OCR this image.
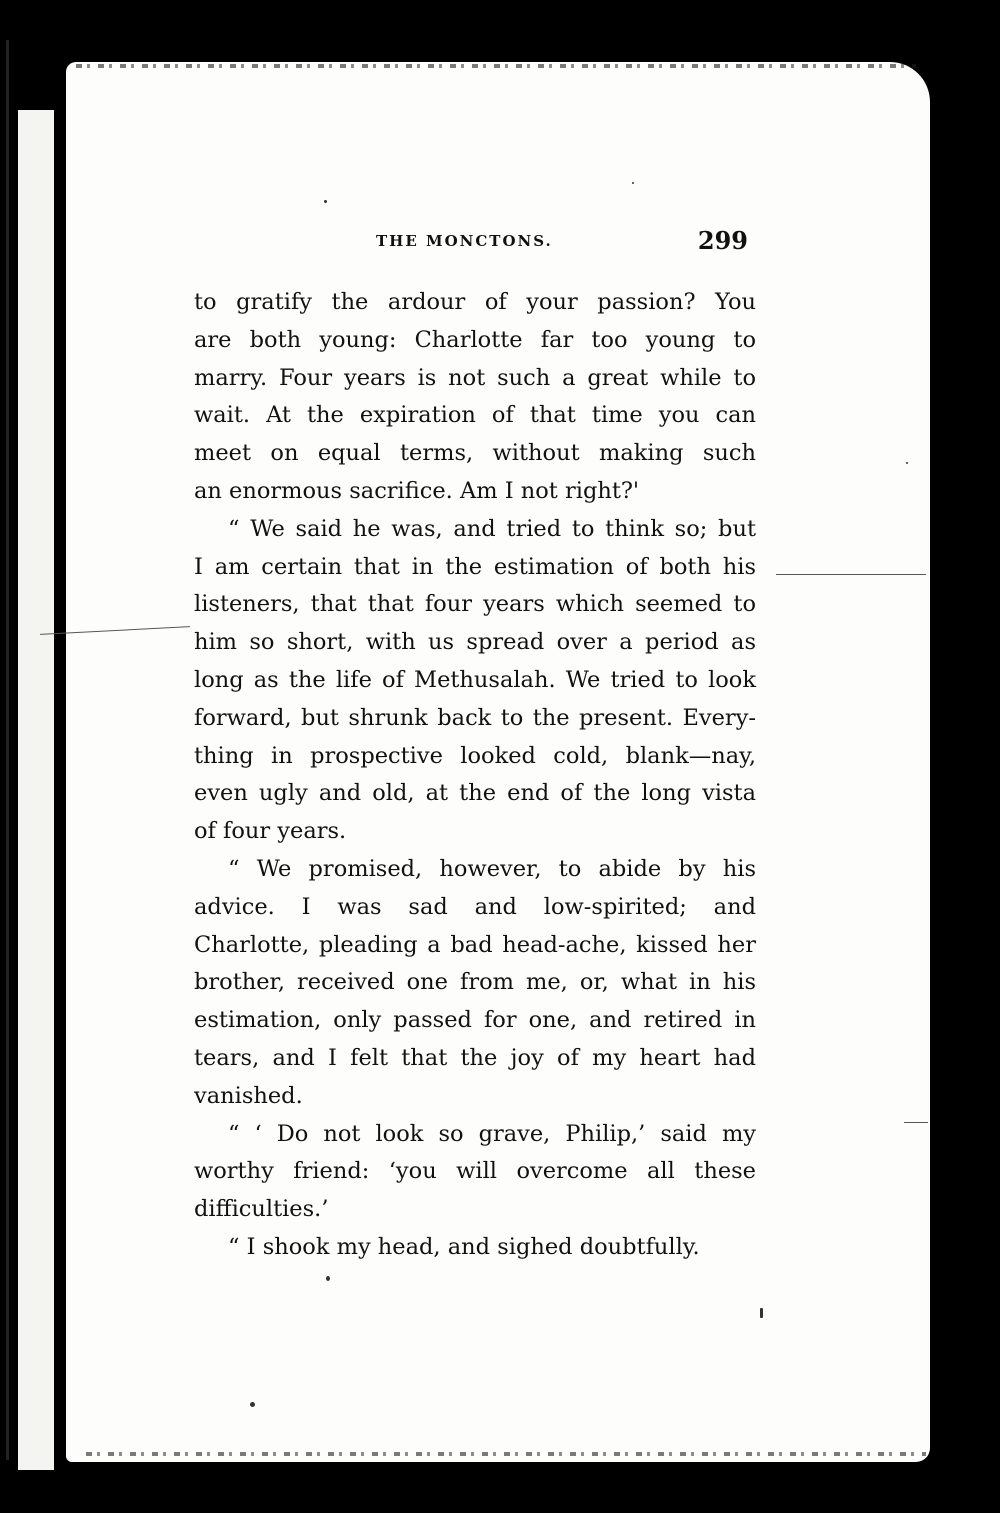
THE MONCTONS.	299
to gratify the ardour of your passion? You
are both young: Charlotte far too young to
marry. Four years is not such a great while to
wait. At the expiration of that time you can
meet on equal terms, without making such
an enormous sacrifice. Am I not right?'
“ We said he was, and tried to think so; but
I am certain that in the estimation of both his
listeners, that that four years which seemed to
him so short, with us spread over a period as
long as the life of Methusalah. We tried to look
forward, but shrunk back to the present. Every-
thing in prospective looked cold, blank—nay,
even ugly and old, at the end of the long vista
of four years.
“ We promised, however, to abide by his
advice. I was sad and low-spirited; and
Charlotte, pleading a bad head-ache, kissed her
brother, received one from me, or, what in his
estimation, only passed for one, and retired in
tears, and I felt that the joy of my heart had
vanished.
“ ‘ Do not look so grave, Philip,’ said my
worthy friend: ‘you will overcome all these
difficulties.’
“ I shook my head, and sighed doubtfully.
